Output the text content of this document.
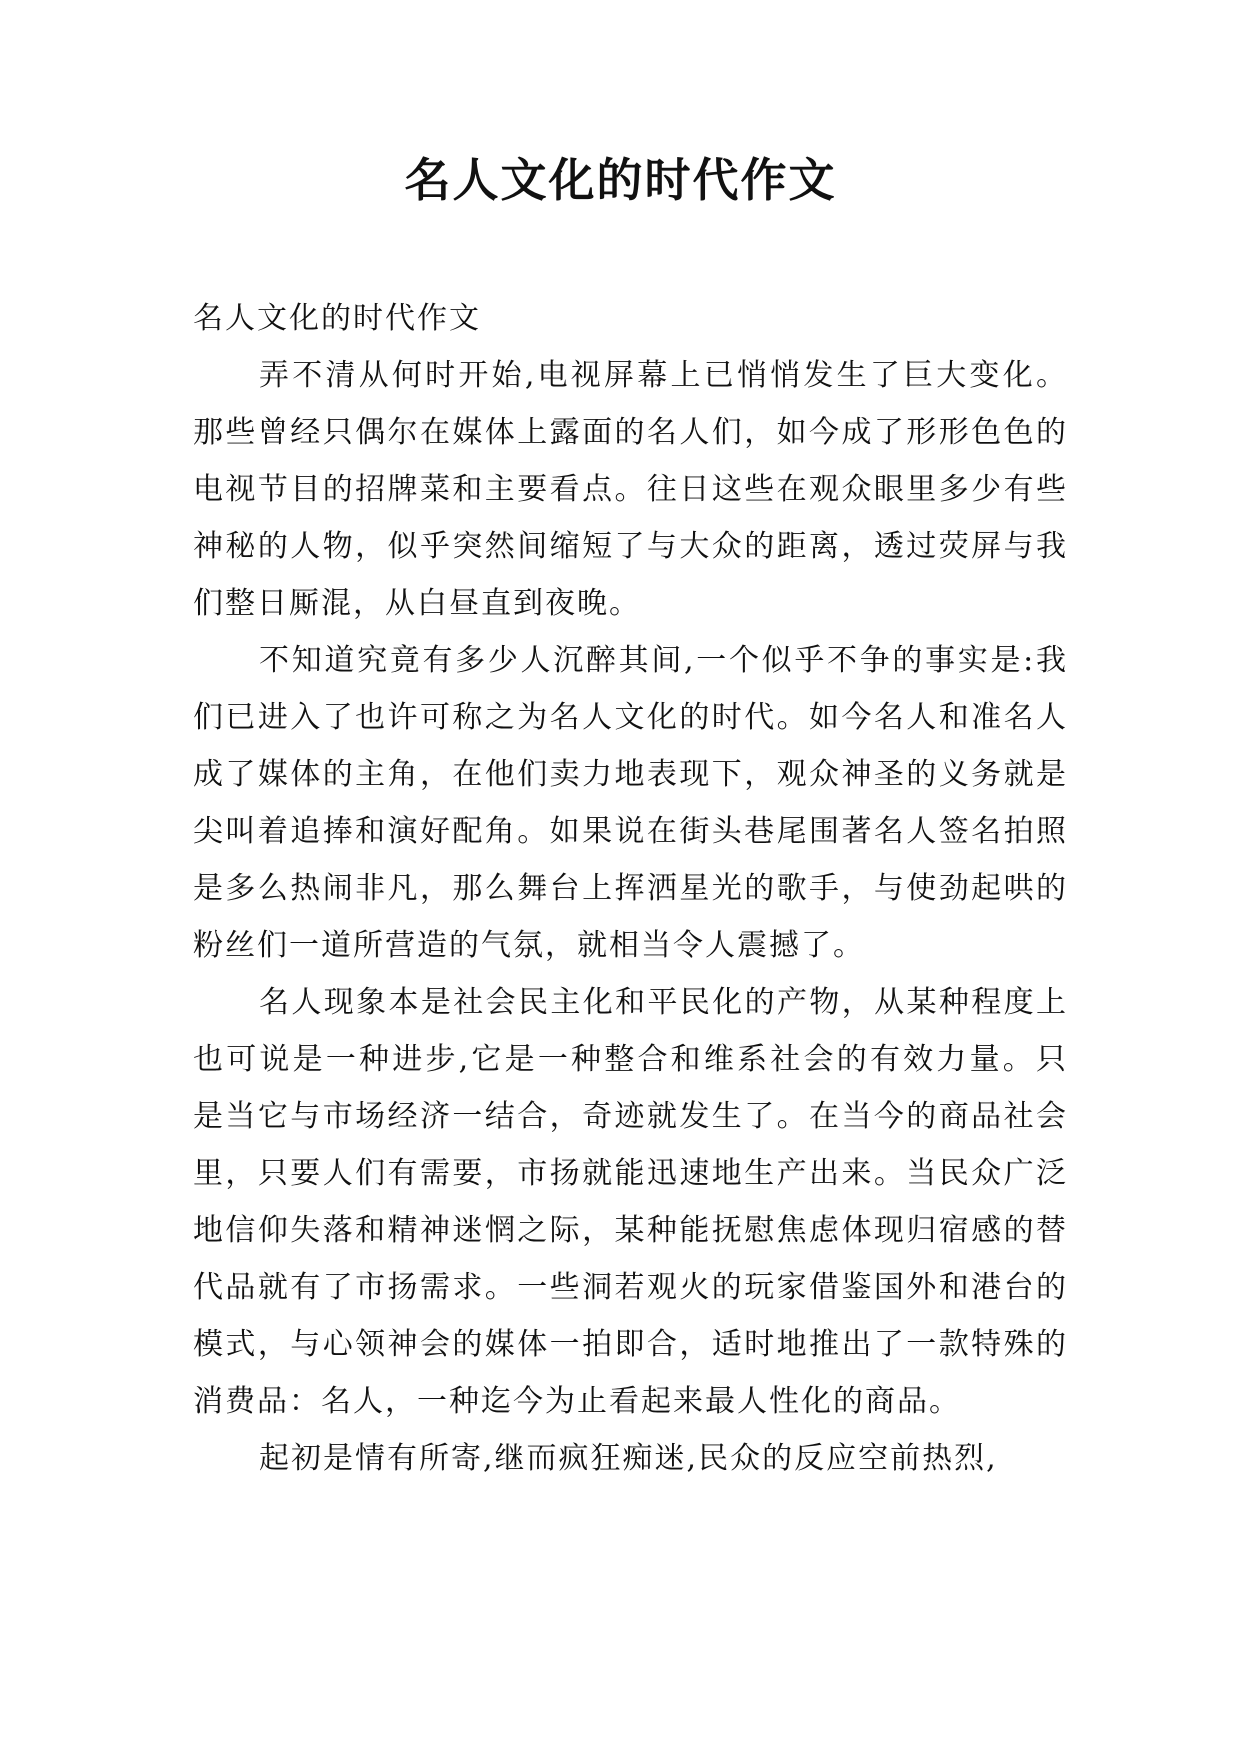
名人文化的时代作文

名人文化的时代作文

弄不清从何时开始,电视屏幕上已悄悄发生了巨大变化。那些曾经只偶尔在媒体上露面的名人们，如今成了形形色色的电视节目的招牌菜和主要看点。往日这些在观众眼里多少有些神秘的人物，似乎突然间缩短了与大众的距离，透过荧屏与我们整日厮混，从白昼直到夜晚。

不知道究竟有多少人沉醉其间,一个似乎不争的事实是:我们已进入了也许可称之为名人文化的时代。如今名人和准名人成了媒体的主角，在他们卖力地表现下，观众神圣的义务就是尖叫着追捧和演好配角。如果说在街头巷尾围著名人签名拍照是多么热闹非凡，那么舞台上挥洒星光的歌手，与使劲起哄的粉丝们一道所营造的气氛，就相当令人震撼了。

名人现象本是社会民主化和平民化的产物，从某种程度上也可说是一种进步,它是一种整合和维系社会的有效力量。只是当它与市场经济一结合，奇迹就发生了。在当今的商品社会里，只要人们有需要，市扬就能迅速地生产出来。当民众广泛地信仰失落和精神迷惘之际，某种能抚慰焦虑体现归宿感的替代品就有了市扬需求。一些洞若观火的玩家借鉴国外和港台的模式，与心领神会的媒体一拍即合，适时地推出了一款特殊的消费品：名人，一种迄今为止看起来最人性化的商品。

起初是情有所寄,继而疯狂痴迷,民众的反应空前热烈,
